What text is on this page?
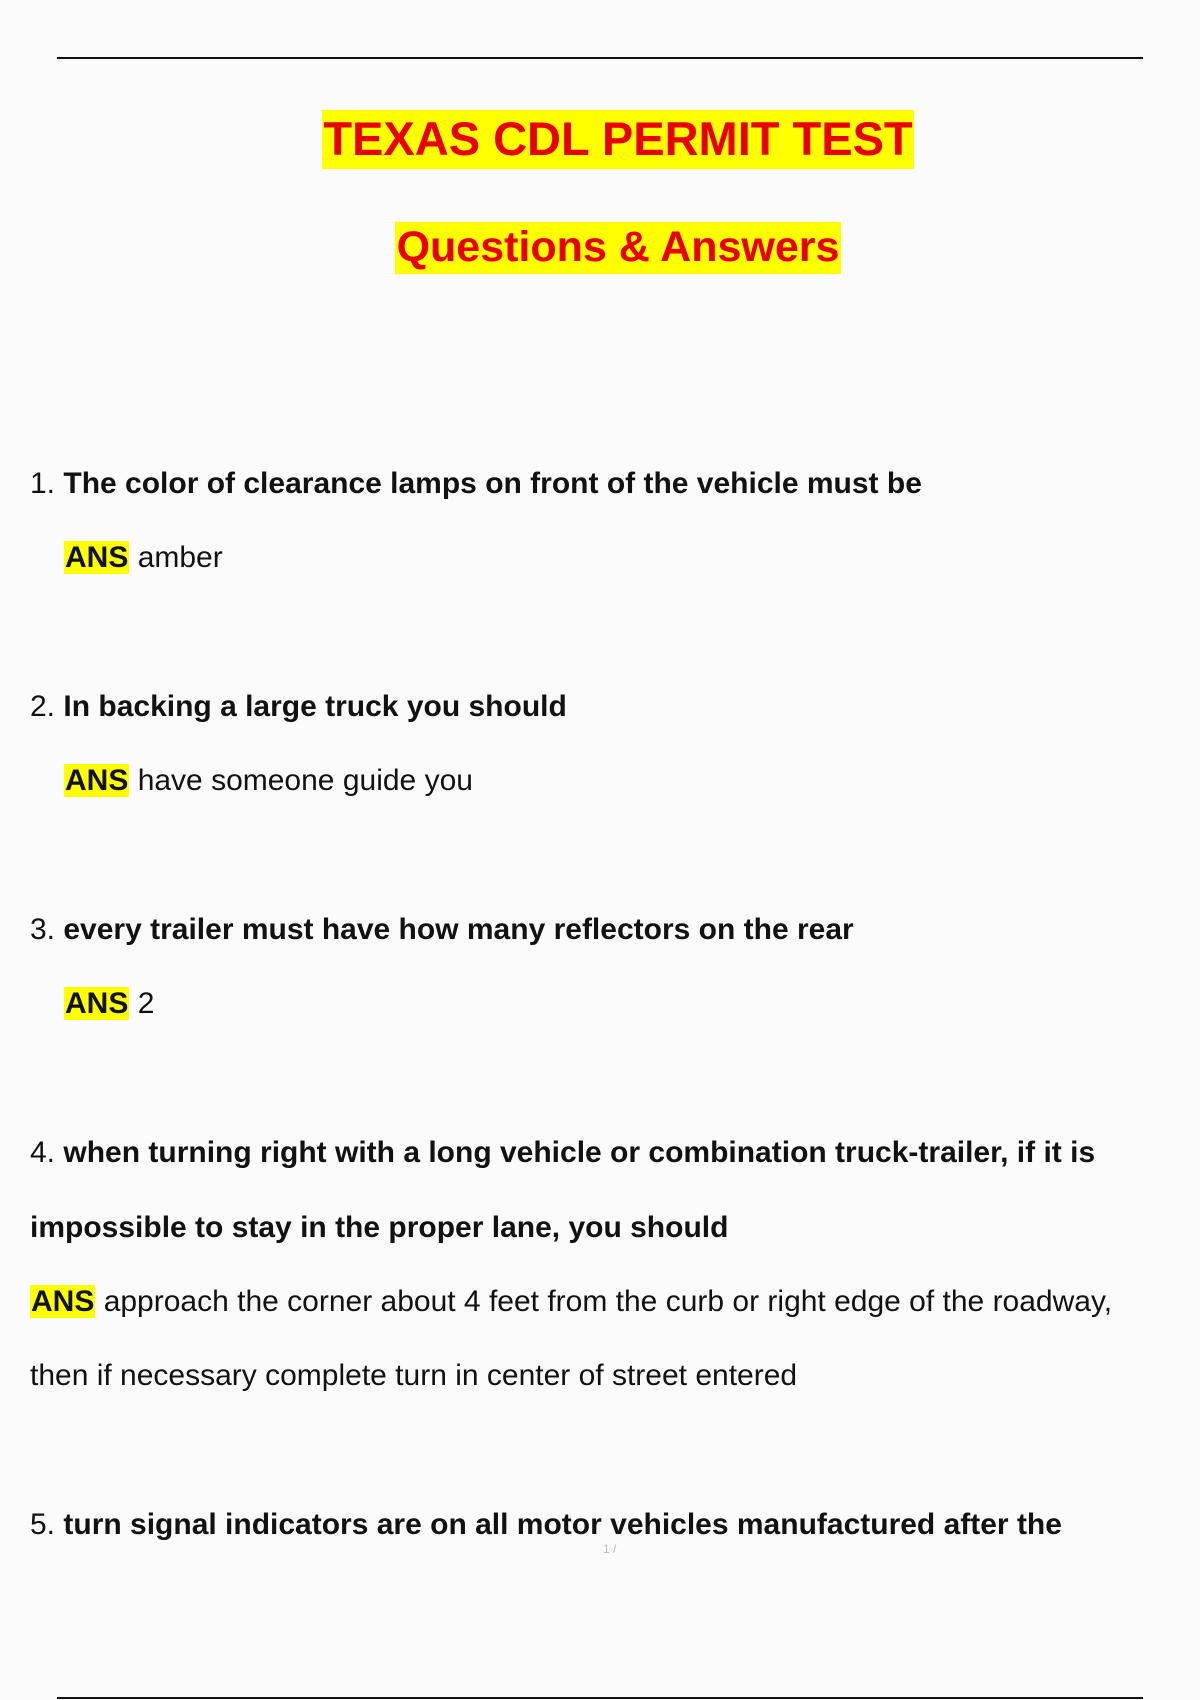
TEXAS CDL PERMIT TEST
Questions & Answers
1. The color of clearance lamps on front of the vehicle must be
ANS amber
2. In backing a large truck you should
ANS have someone guide you
3. every trailer must have how many reflectors on the rear
ANS 2
4. when turning right with a long vehicle or combination truck-trailer, if it is
impossible to stay in the proper lane, you should
ANS approach the corner about 4 feet from the curb or right edge of the roadway,
then if necessary complete turn in center of street entered
5. turn signal indicators are on all motor vehicles manufactured after the
1 /
